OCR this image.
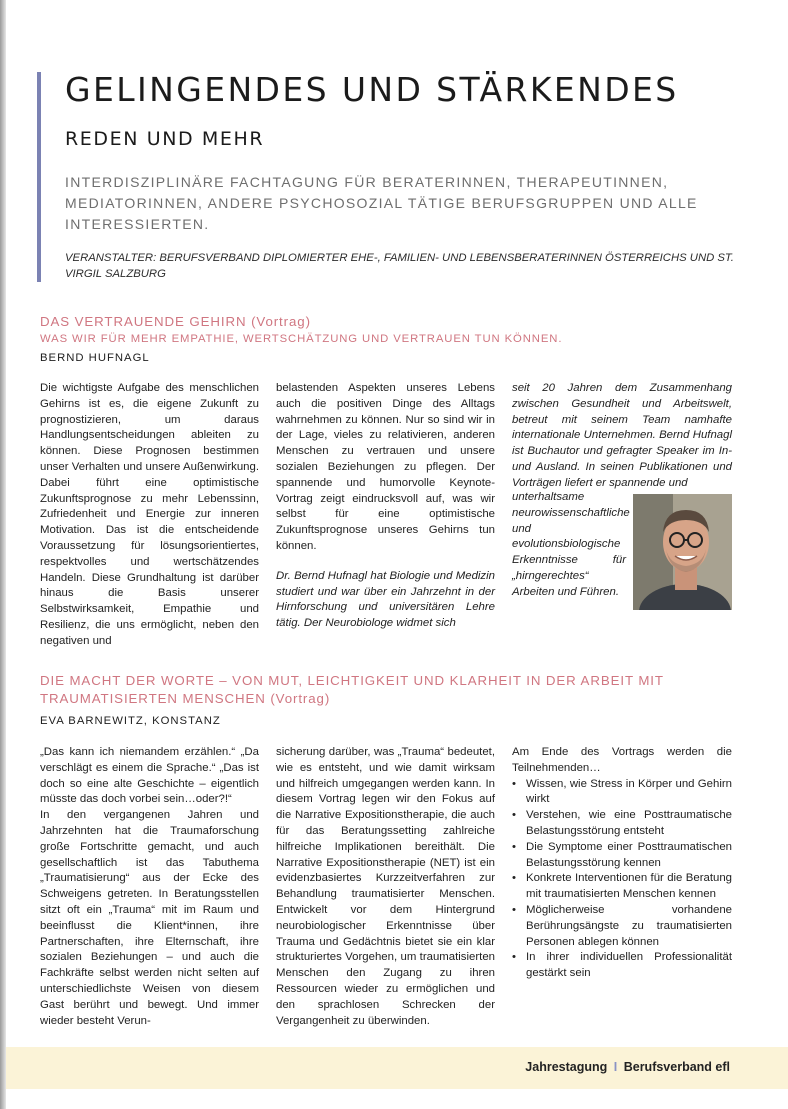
GELINGENDES UND STÄRKENDES
REDEN UND MEHR

INTERDISZIPLINÄRE FACHTAGUNG FÜR BERATERINNEN, THERAPEUTINNEN, MEDIATORINNEN, ANDERE PSYCHOSOZIAL TÄTIGE BERUFSGRUPPEN UND ALLE INTERESSIERTEN.

VERANSTALTER: BERUFSVERBAND DIPLOMIERTER EHE-, FAMILIEN- UND LEBENSBERATERINNEN ÖSTERREICHS UND ST. VIRGIL SALZBURG

DAS VERTRAUENDE GEHIRN (Vortrag)

WAS WIR FÜR MEHR EMPATHIE, WERTSCHÄTZUNG UND VERTRAUEN TUN KÖNNEN.

BERND HUFNAGL

Die wichtigste Aufgabe des menschlichen Gehirns ist es, die eigene Zukunft zu prognostizieren, um daraus Handlungsentscheidungen ableiten zu können. Diese Prognosen bestimmen unser Verhalten und unsere Außenwirkung. Dabei führt eine optimistische Zukunftsprognose zu mehr Lebenssinn, Zufriedenheit und Energie zur inneren Motivation. Das ist die entscheidende Voraussetzung für lösungsorientiertes, respektvolles und wertschätzendes Handeln. Diese Grundhaltung ist darüber hinaus die Basis unserer Selbstwirksamkeit, Empathie und Resilienz, die uns ermöglicht, neben den negativen und

belastenden Aspekten unseres Lebens auch die positiven Dinge des Alltags wahrnehmen zu können. Nur so sind wir in der Lage, vieles zu relativieren, anderen Menschen zu vertrauen und unsere sozialen Beziehungen zu pflegen. Der spannende und humorvolle Keynote-Vortrag zeigt eindrucksvoll auf, was wir selbst für eine optimistische Zukunftsprognose unseres Gehirns tun können.

Dr. Bernd Hufnagl hat Biologie und Medizin studiert und war über ein Jahrzehnt in der Hirnforschung und universitären Lehre tätig. Der Neurobiologe widmet sich

seit 20 Jahren dem Zusammenhang zwischen Gesundheit und Arbeitswelt, betreut mit seinem Team namhafte internationale Unternehmen. Bernd Hufnagl ist Buchautor und gefragter Speaker im In- und Ausland. In seinen Publikationen und Vorträgen liefert er spannende und

unterhaltsame neurowissenschaftliche und evolutionsbiologische Erkenntnisse für „hirngerechtes“ Arbeiten und Führen.

DIE MACHT DER WORTE – VON MUT, LEICHTIGKEIT UND KLARHEIT IN DER ARBEIT MIT TRAUMATISIERTEN MENSCHEN (Vortrag)

EVA BARNEWITZ, KONSTANZ

„Das kann ich niemandem erzählen.“ „Da verschlägt es einem die Sprache.“ „Das ist doch so eine alte Geschichte – eigentlich müsste das doch vorbei sein…oder?!“

In den vergangenen Jahren und Jahrzehnten hat die Traumaforschung große Fortschritte gemacht, und auch gesellschaftlich ist das Tabuthema „Traumatisierung“ aus der Ecke des Schweigens getreten. In Beratungsstellen sitzt oft ein „Trauma“ mit im Raum und beeinflusst die Klient*innen, ihre Partnerschaften, ihre Elternschaft, ihre sozialen Beziehungen – und auch die Fachkräfte selbst werden nicht selten auf unterschiedlichste Weisen von diesem Gast berührt und bewegt. Und immer wieder besteht Verun-

sicherung darüber, was „Trauma“ bedeutet, wie es entsteht, und wie damit wirksam und hilfreich umgegangen werden kann. In diesem Vortrag legen wir den Fokus auf die Narrative Expositionstherapie, die auch für das Beratungssetting zahlreiche hilfreiche Implikationen bereithält. Die Narrative Expositionstherapie (NET) ist ein evidenzbasiertes Kurzzeitverfahren zur Behandlung traumatisierter Menschen. Entwickelt vor dem Hintergrund neurobiologischer Erkenntnisse über Trauma und Gedächtnis bietet sie ein klar strukturiertes Vorgehen, um traumatisierten Menschen den Zugang zu ihren Ressourcen wieder zu ermöglichen und den sprachlosen Schrecken der Vergangenheit zu überwinden.

Am Ende des Vortrags werden die Teilnehmenden…

• Wissen, wie Stress in Körper und Gehirn wirkt
• Verstehen, wie eine Posttraumatische Belastungsstörung entsteht
• Die Symptome einer Posttraumatischen Belastungsstörung kennen
• Konkrete Interventionen für die Beratung mit traumatisierten Menschen kennen
• Möglicherweise vorhandene Berührungsängste zu traumatisierten Personen ablegen können
• In ihrer individuellen Professionalität gestärkt sein
Jahrestagung I Berufsverband efl
